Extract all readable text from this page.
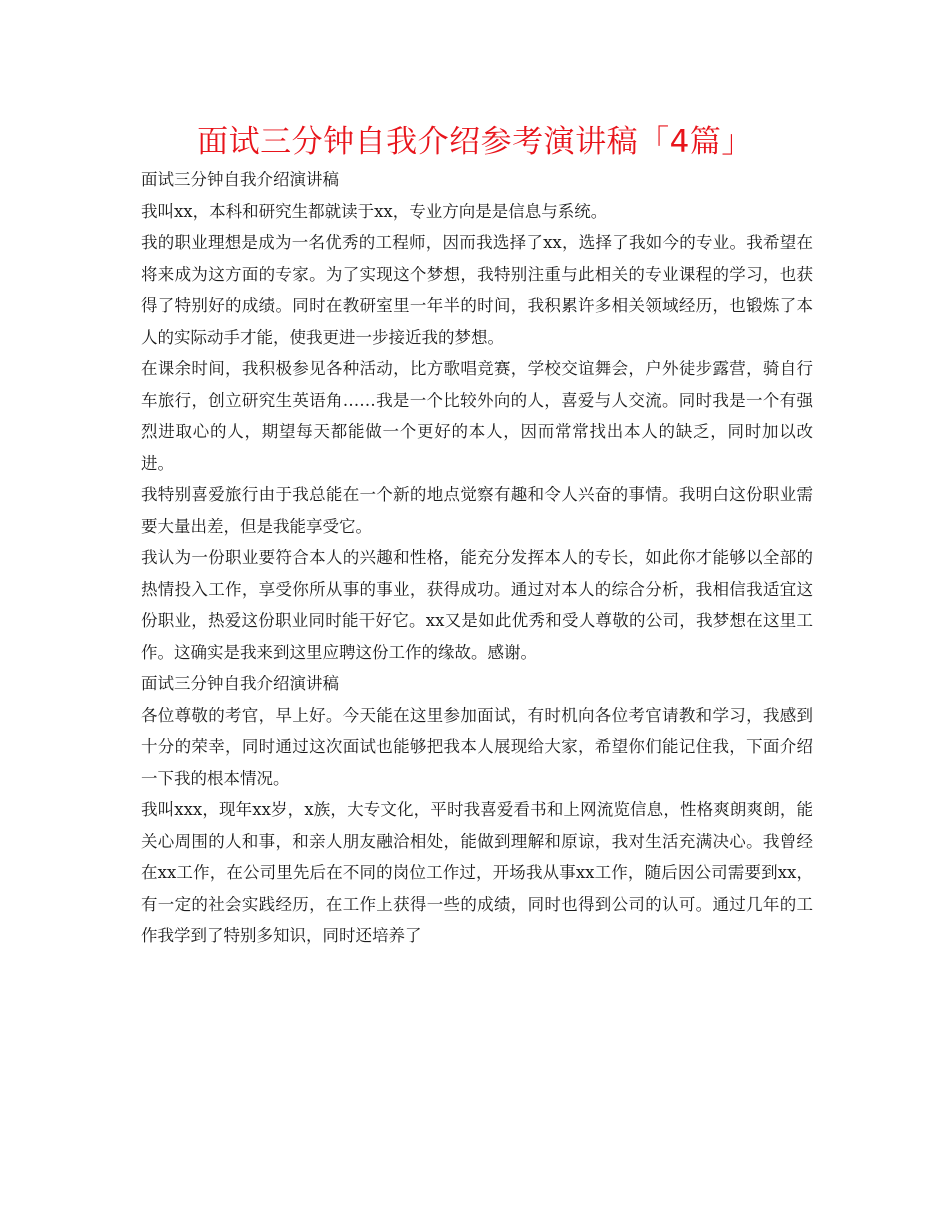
面试三分钟自我介绍参考演讲稿「4篇」

面试三分钟自我介绍演讲稿

我叫xx，本科和研究生都就读于xx，专业方向是是信息与系统。

我的职业理想是成为一名优秀的工程师，因而我选择了xx，选择了我如今的专业。我希望在将来成为这方面的专家。为了实现这个梦想，我特别注重与此相关的专业课程的学习，也获得了特别好的成绩。同时在教研室里一年半的时间，我积累许多相关领域经历，也锻炼了本人的实际动手才能，使我更进一步接近我的梦想。

在课余时间，我积极参见各种活动，比方歌唱竞赛，学校交谊舞会，户外徒步露营，骑自行车旅行，创立研究生英语角……我是一个比较外向的人，喜爱与人交流。同时我是一个有强烈进取心的人，期望每天都能做一个更好的本人，因而常常找出本人的缺乏，同时加以改进。

我特别喜爱旅行由于我总能在一个新的地点觉察有趣和令人兴奋的事情。我明白这份职业需要大量出差，但是我能享受它。

我认为一份职业要符合本人的兴趣和性格，能充分发挥本人的专长，如此你才能够以全部的热情投入工作，享受你所从事的事业，获得成功。通过对本人的综合分析，我相信我适宜这份职业，热爱这份职业同时能干好它。xx又是如此优秀和受人尊敬的公司，我梦想在这里工作。这确实是我来到这里应聘这份工作的缘故。感谢。

面试三分钟自我介绍演讲稿

各位尊敬的考官，早上好。今天能在这里参加面试，有时机向各位考官请教和学习，我感到十分的荣幸，同时通过这次面试也能够把我本人展现给大家，希望你们能记住我，下面介绍一下我的根本情况。

我叫xxx，现年xx岁，x族，大专文化，平时我喜爱看书和上网流览信息，性格爽朗爽朗，能关心周围的人和事，和亲人朋友融洽相处，能做到理解和原谅，我对生活充满决心。我曾经在xx工作，在公司里先后在不同的岗位工作过，开场我从事xx工作，随后因公司需要到xx，有一定的社会实践经历，在工作上获得一些的成绩，同时也得到公司的认可。通过几年的工作我学到了特别多知识，同时还培养了
